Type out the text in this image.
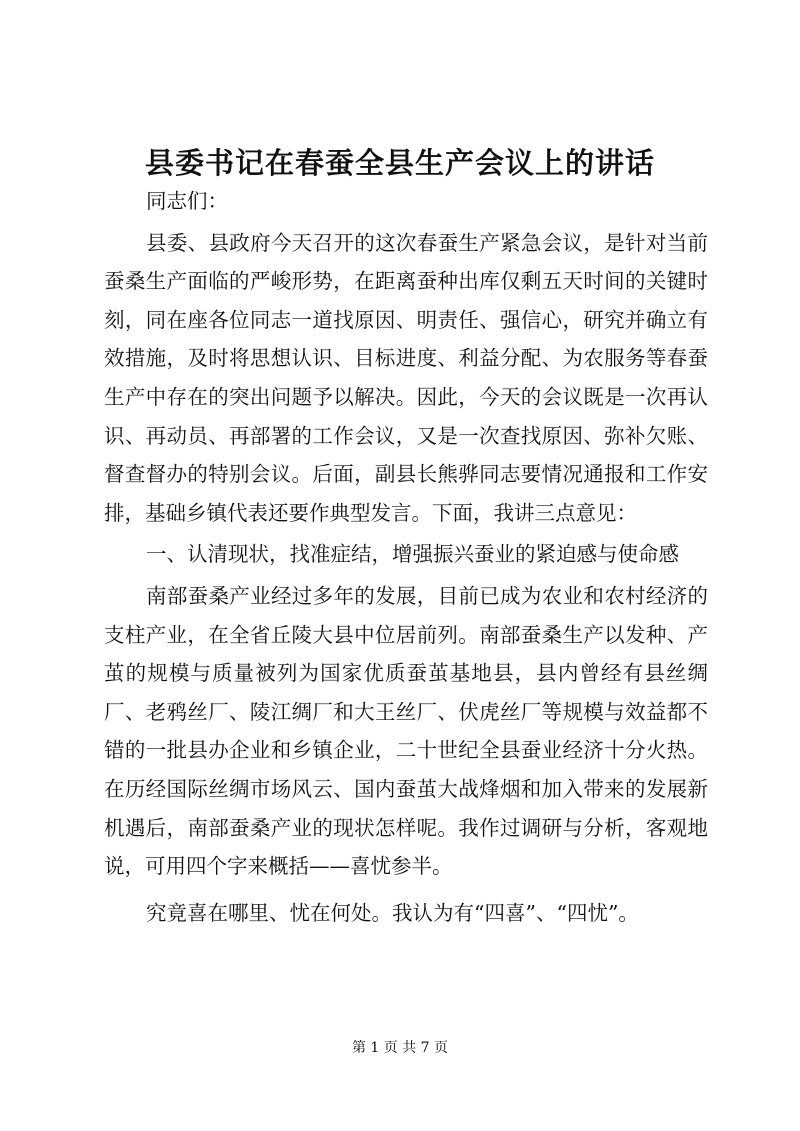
县委书记在春蚕全县生产会议上的讲话

同志们：

县委、县政府今天召开的这次春蚕生产紧急会议，是针对当前蚕桑生产面临的严峻形势，在距离蚕种出库仅剩五天时间的关键时刻，同在座各位同志一道找原因、明责任、强信心，研究并确立有效措施，及时将思想认识、目标进度、利益分配、为农服务等春蚕生产中存在的突出问题予以解决。因此，今天的会议既是一次再认识、再动员、再部署的工作会议，又是一次查找原因、弥补欠账、督查督办的特别会议。后面，副县长熊骅同志要情况通报和工作安排，基础乡镇代表还要作典型发言。下面，我讲三点意见：

一、认清现状，找准症结，增强振兴蚕业的紧迫感与使命感

南部蚕桑产业经过多年的发展，目前已成为农业和农村经济的支柱产业，在全省丘陵大县中位居前列。南部蚕桑生产以发种、产茧的规模与质量被列为国家优质蚕茧基地县，县内曾经有县丝绸厂、老鸦丝厂、陵江绸厂和大王丝厂、伏虎丝厂等规模与效益都不错的一批县办企业和乡镇企业，二十世纪全县蚕业经济十分火热。在历经国际丝绸市场风云、国内蚕茧大战烽烟和加入带来的发展新机遇后，南部蚕桑产业的现状怎样呢。我作过调研与分析，客观地说，可用四个字来概括——喜忧参半。

究竟喜在哪里、忧在何处。我认为有“四喜”、“四忧”。

第 1 页 共 7 页
